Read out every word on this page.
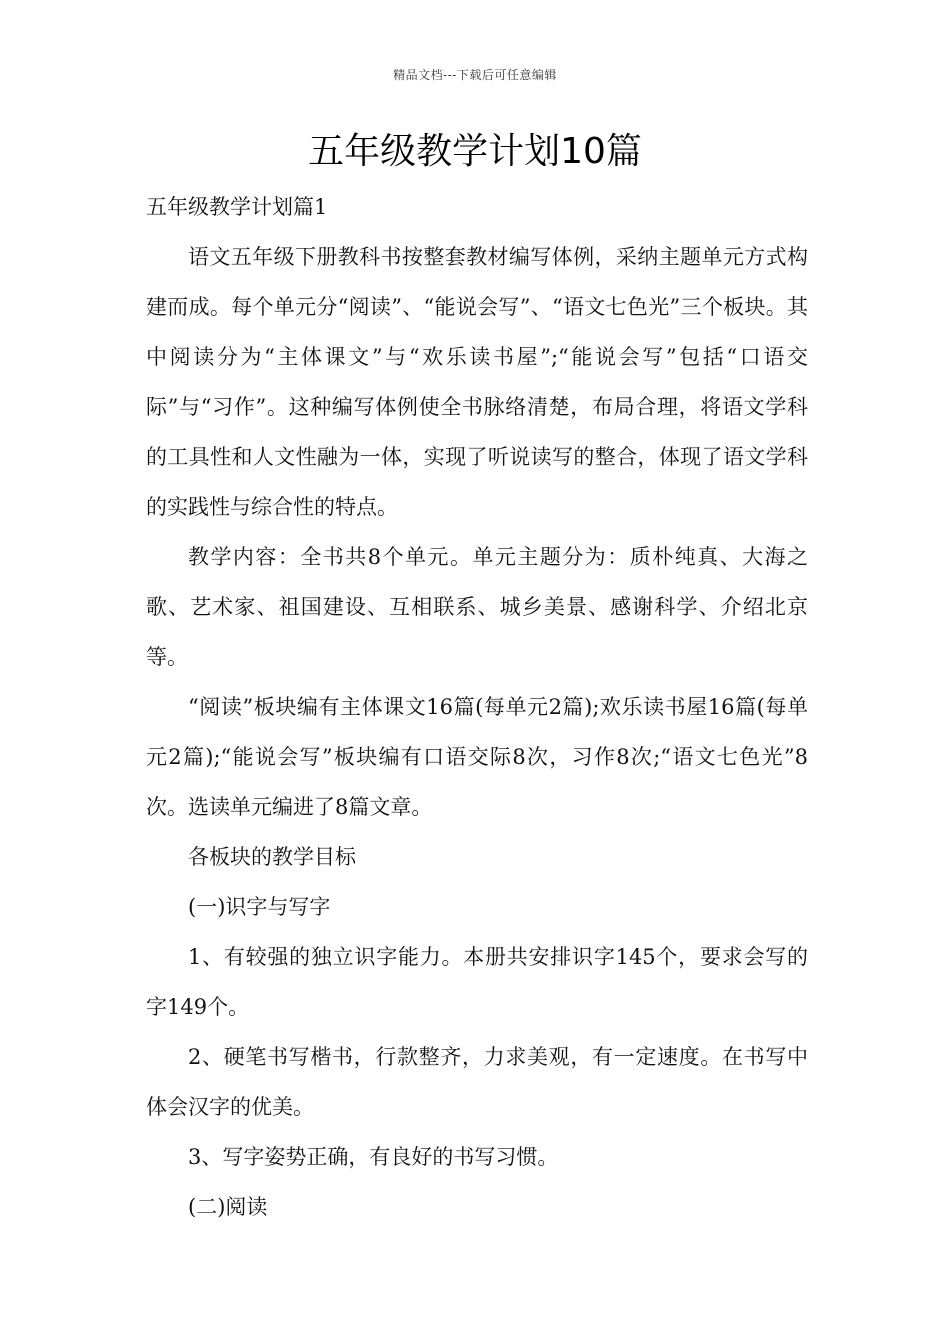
精品文档---下载后可任意编辑
五年级教学计划10篇

五年级教学计划篇1

语文五年级下册教科书按整套教材编写体例，采纳主题单元方式构建而成。每个单元分“阅读”、“能说会写”、“语文七色光”三个板块。其中阅读分为“主体课文”与“欢乐读书屋”;“能说会写”包括“口语交际”与“习作”。这种编写体例使全书脉络清楚，布局合理，将语文学科的工具性和人文性融为一体，实现了听说读写的整合，体现了语文学科的实践性与综合性的特点。

教学内容：全书共8个单元。单元主题分为：质朴纯真、大海之歌、艺术家、祖国建设、互相联系、城乡美景、感谢科学、介绍北京等。

“阅读”板块编有主体课文16篇(每单元2篇);欢乐读书屋16篇(每单元2篇);“能说会写”板块编有口语交际8次，习作8次;“语文七色光”8次。选读单元编进了8篇文章。

各板块的教学目标

(一)识字与写字

1、有较强的独立识字能力。本册共安排识字145个，要求会写的字149个。

2、硬笔书写楷书，行款整齐，力求美观，有一定速度。在书写中体会汉字的优美。

3、写字姿势正确，有良好的书写习惯。

(二)阅读
